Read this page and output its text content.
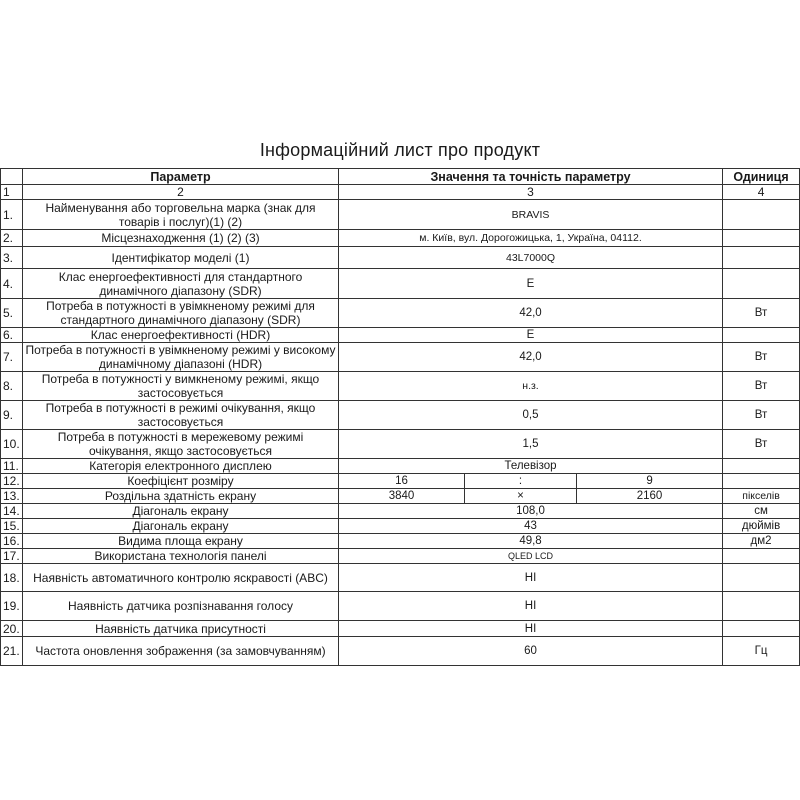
Інформаційний лист про продукт
	Параметр	Значення та точність параметру			Одиниця
1	2	3			4
1.	Найменування або торговельна марка (знак для товарів і послуг)(1) (2)	BRAVIS			
2.	Місцезнаходження (1) (2) (3)	м. Київ, вул. Дорогожицька, 1, Україна, 04112.			
3.	Ідентифікатор моделі (1)	43L7000Q			
4.	Клас енергоефективності для стандартного динамічного діапазону (SDR)	E			
5.	Потреба в потужності в увімкненому режимі для стандартного динамічного діапазону (SDR)	42,0			Вт
6.	Клас енергоефективності (HDR)	E			
7.	Потреба в потужності в увімкненому режимі у високому динамічному діапазоні (HDR)	42,0			Вт
8.	Потреба в потужності у вимкненому режимі, якщо застосовується	н.з.			Вт
9.	Потреба в потужності в режимі очікування, якщо застосовується	0,5			Вт
10.	Потреба в потужності в мережевому режимі очікування, якщо застосовується	1,5			Вт
11.	Категорія електронного дисплею	Телевізор			
12.	Коефіцієнт розміру	16	:	9	
13.	Роздільна здатність екрану	3840	×	2160	пікселів
14.	Діагональ екрану	108,0			см
15.	Діагональ екрану	43			дюймів
16.	Видима площа екрану	49,8			дм2
17.	Використана технологія панелі	QLED LCD			
18.	Наявність автоматичного контролю яскравості (ABC)	НІ			
19.	Наявність датчика розпізнавання голосу	НІ			
20.	Наявність датчика присутності	НІ			
21.	Частота оновлення зображення (за замовчуванням)	60			Гц
